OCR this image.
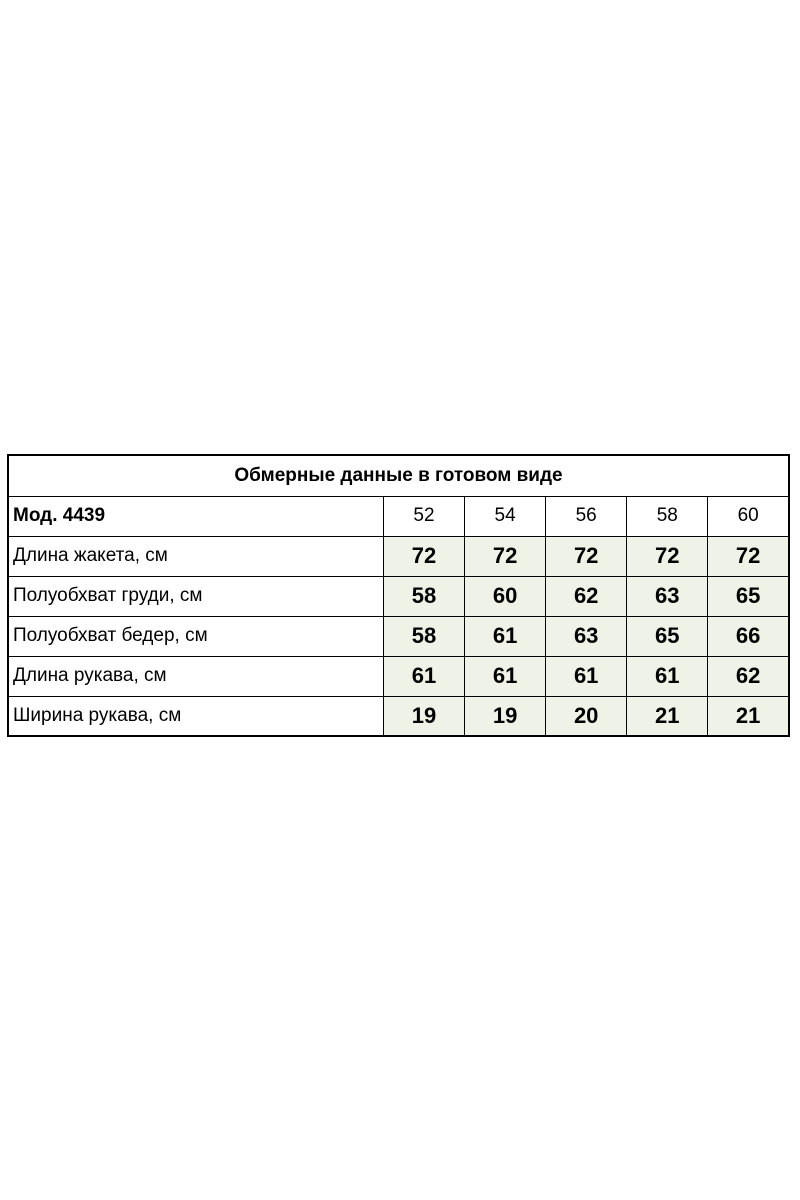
Обмерные данные в готовом виде					
Мод. 4439	52	54	56	58	60
Длина жакета, см	72	72	72	72	72
Полуобхват груди, см	58	60	62	63	65
Полуобхват бедер, см	58	61	63	65	66
Длина рукава, см	61	61	61	61	62
Ширина рукава, см	19	19	20	21	21
